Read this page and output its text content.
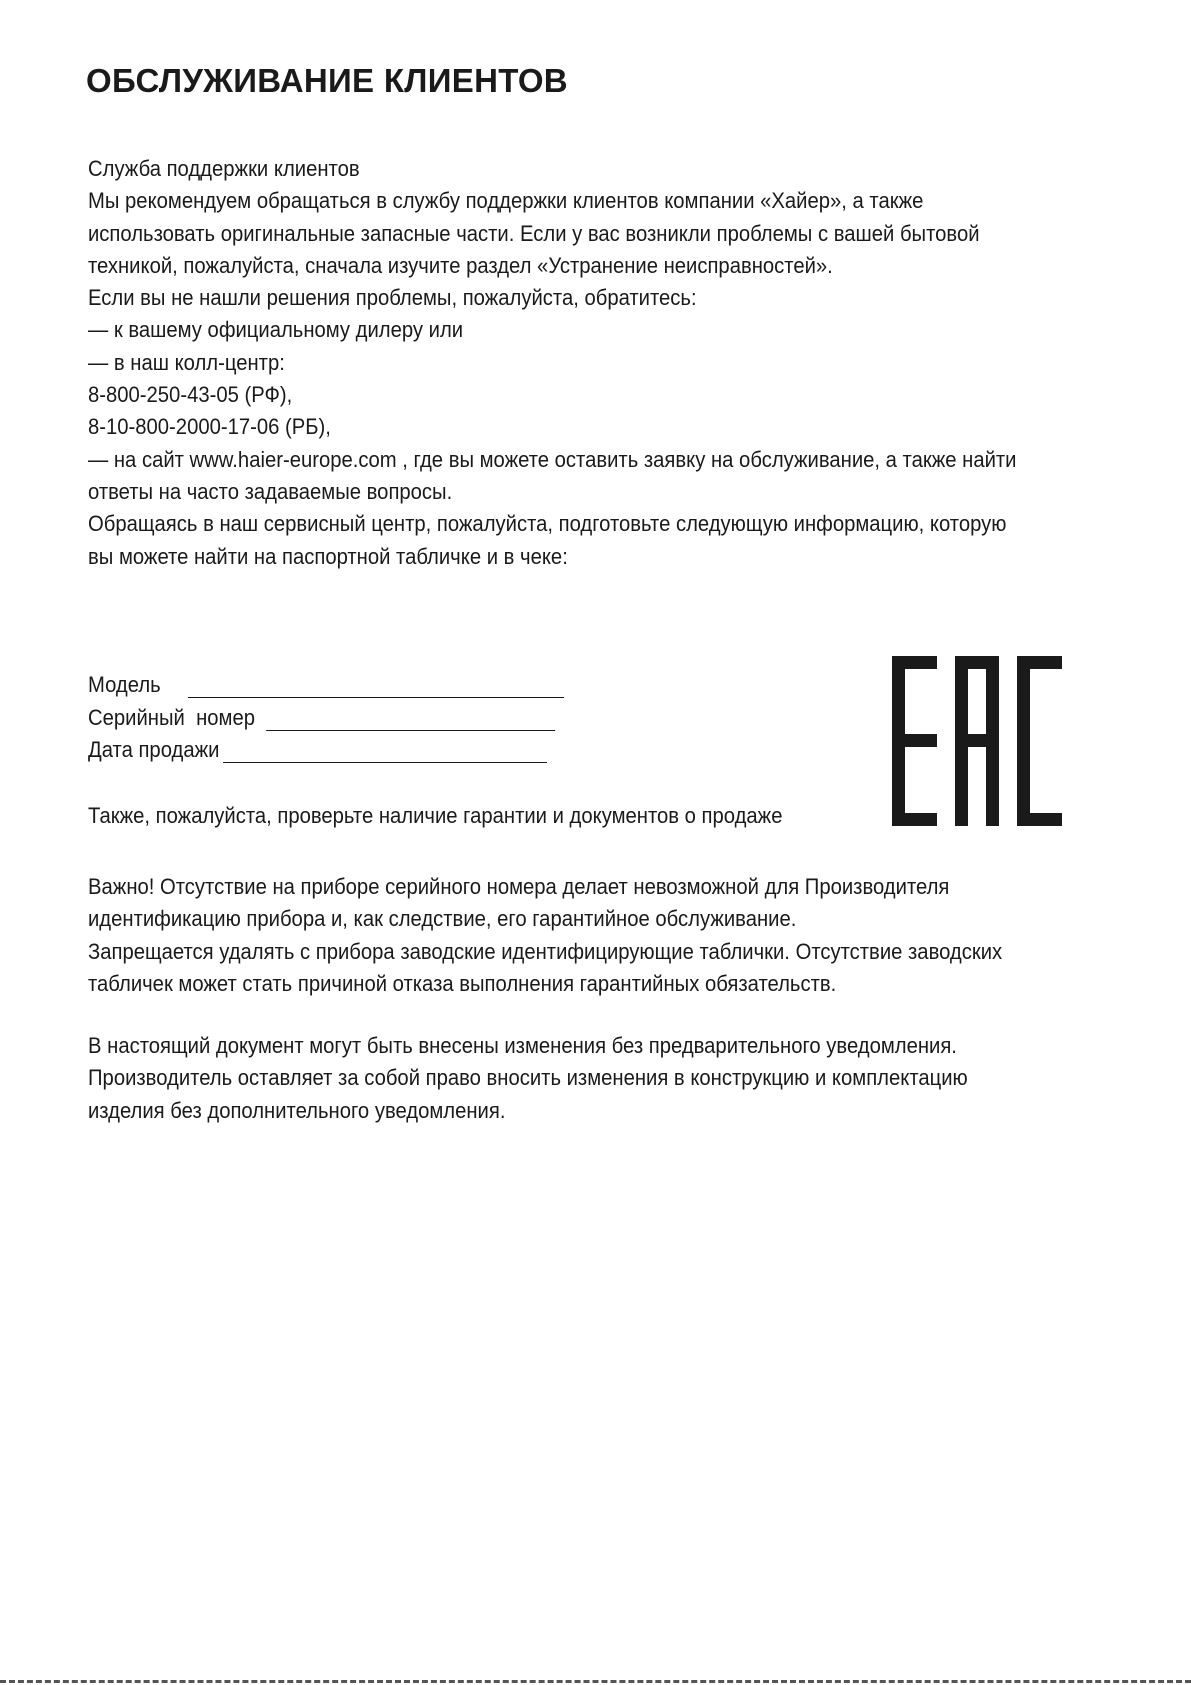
ОБСЛУЖИВАНИЕ КЛИЕНТОВ
Служба поддержки клиентов
Мы рекомендуем обращаться в службу поддержки клиентов компании «Хайер», а также
использовать оригинальные запасные части. Если у вас возникли проблемы с вашей бытовой
техникой, пожалуйста, сначала изучите раздел «Устранение неисправностей».
Если вы не нашли решения проблемы, пожалуйста, обратитесь:
— к вашему официальному дилеру или
— в наш колл-центр:
8-800-250-43-05 (РФ),
8-10-800-2000-17-06 (РБ),
— на сайт www.haier-europe.com , где вы можете оставить заявку на обслуживание, а также найти
ответы на часто задаваемые вопросы.
Обращаясь в наш сервисный центр, пожалуйста, подготовьте следующую информацию, которую
вы можете найти на паспортной табличке и в чеке:
Модель
Серийный  номер
Дата продажи
Также, пожалуйста, проверьте наличие гарантии и документов о продаже
Важно! Отсутствие на приборе серийного номера делает невозможной для Производителя
идентификацию прибора и, как следствие, его гарантийное обслуживание.
Запрещается удалять с прибора заводские идентифицирующие таблички. Отсутствие заводских
табличек может стать причиной отказа выполнения гарантийных обязательств.
В настоящий документ могут быть внесены изменения без предварительного уведомления.
Производитель оставляет за собой право вносить изменения в конструкцию и комплектацию
изделия без дополнительного уведомления.
